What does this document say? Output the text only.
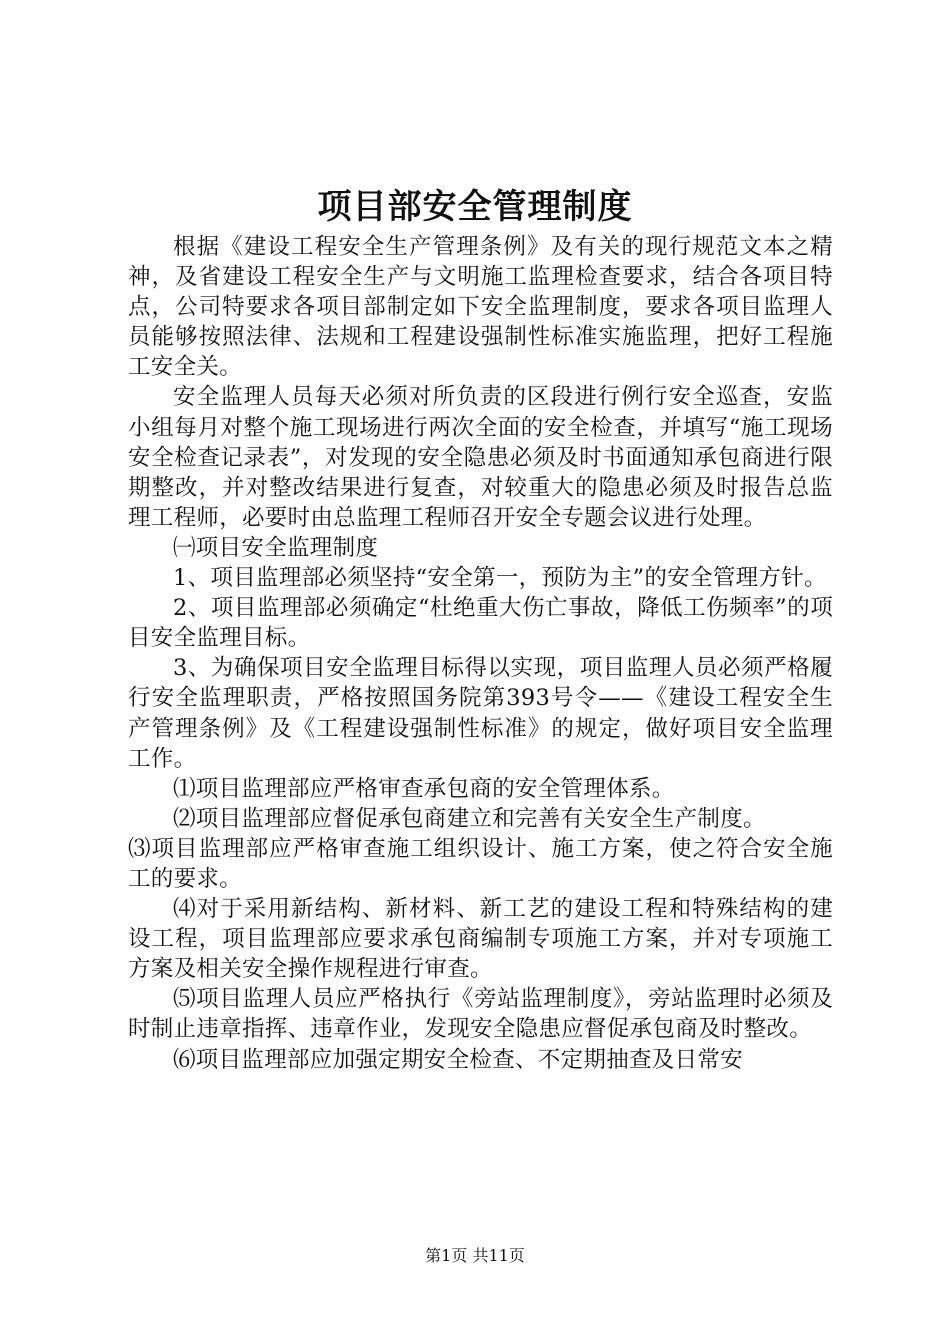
项目部安全管理制度

根据《建设工程安全生产管理条例》及有关的现行规范文本之精神，及省建设工程安全生产与文明施工监理检查要求，结合各项目特点，公司特要求各项目部制定如下安全监理制度，要求各项目监理人员能够按照法律、法规和工程建设强制性标准实施监理，把好工程施工安全关。

安全监理人员每天必须对所负责的区段进行例行安全巡查，安监小组每月对整个施工现场进行两次全面的安全检查，并填写“施工现场安全检查记录表”，对发现的安全隐患必须及时书面通知承包商进行限期整改，并对整改结果进行复查，对较重大的隐患必须及时报告总监理工程师，必要时由总监理工程师召开安全专题会议进行处理。

㈠项目安全监理制度

1、项目监理部必须坚持“安全第一，预防为主”的安全管理方针。

2、项目监理部必须确定“杜绝重大伤亡事故，降低工伤频率”的项目安全监理目标。

3、为确保项目安全监理目标得以实现，项目监理人员必须严格履行安全监理职责，严格按照国务院第393号令——《建设工程安全生产管理条例》及《工程建设强制性标准》的规定，做好项目安全监理工作。

⑴项目监理部应严格审查承包商的安全管理体系。

⑵项目监理部应督促承包商建立和完善有关安全生产制度。

⑶项目监理部应严格审查施工组织设计、施工方案，使之符合安全施工的要求。

⑷对于采用新结构、新材料、新工艺的建设工程和特殊结构的建设工程，项目监理部应要求承包商编制专项施工方案，并对专项施工方案及相关安全操作规程进行审查。

⑸项目监理人员应严格执行《旁站监理制度》，旁站监理时必须及时制止违章指挥、违章作业，发现安全隐患应督促承包商及时整改。

⑹项目监理部应加强定期安全检查、不定期抽查及日常安

第1页 共11页
